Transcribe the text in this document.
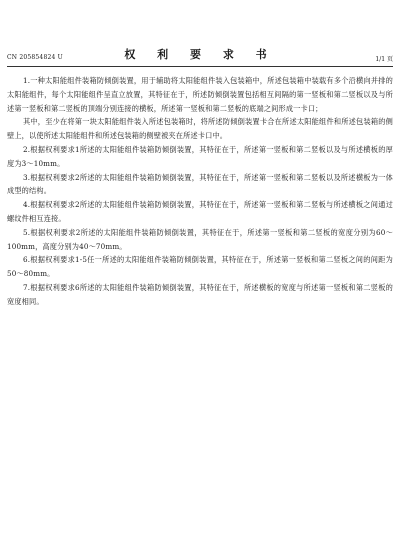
CN 205854824 U	权 利 要 求 书	1/1 页

1.一种太阳能组件装箱防倾倒装置，用于辅助将太阳能组件装入包装箱中，所述包装箱中装载有多个沿横向并排的太阳能组件，每个太阳能组件呈直立放置，其特征在于，所述防倾倒装置包括相互间隔的第一竖板和第二竖板以及与所述第一竖板和第二竖板的顶端分别连接的横板，所述第一竖板和第二竖板的底端之间形成一卡口；

其中，至少在将第一块太阳能组件装入所述包装箱时，将所述防倾倒装置卡合在所述太阳能组件和所述包装箱的侧壁上，以使所述太阳能组件和所述包装箱的侧壁被夹在所述卡口中。

2.根据权利要求1所述的太阳能组件装箱防倾倒装置，其特征在于，所述第一竖板和第二竖板以及与所述横板的厚度为3～10mm。

3.根据权利要求2所述的太阳能组件装箱防倾倒装置，其特征在于，所述第一竖板和第二竖板以及所述横板为一体成型的结构。

4.根据权利要求2所述的太阳能组件装箱防倾倒装置，其特征在于，所述第一竖板和第二竖板与所述横板之间通过螺纹件相互连接。

5.根据权利要求2所述的太阳能组件装箱防倾倒装置，其特征在于，所述第一竖板和第二竖板的宽度分别为60～100mm，高度分别为40～70mm。

6.根据权利要求1-5任一所述的太阳能组件装箱防倾倒装置，其特征在于，所述第一竖板和第二竖板之间的间距为50～80mm。

7.根据权利要求6所述的太阳能组件装箱防倾倒装置，其特征在于，所述横板的宽度与所述第一竖板和第二竖板的宽度相同。
